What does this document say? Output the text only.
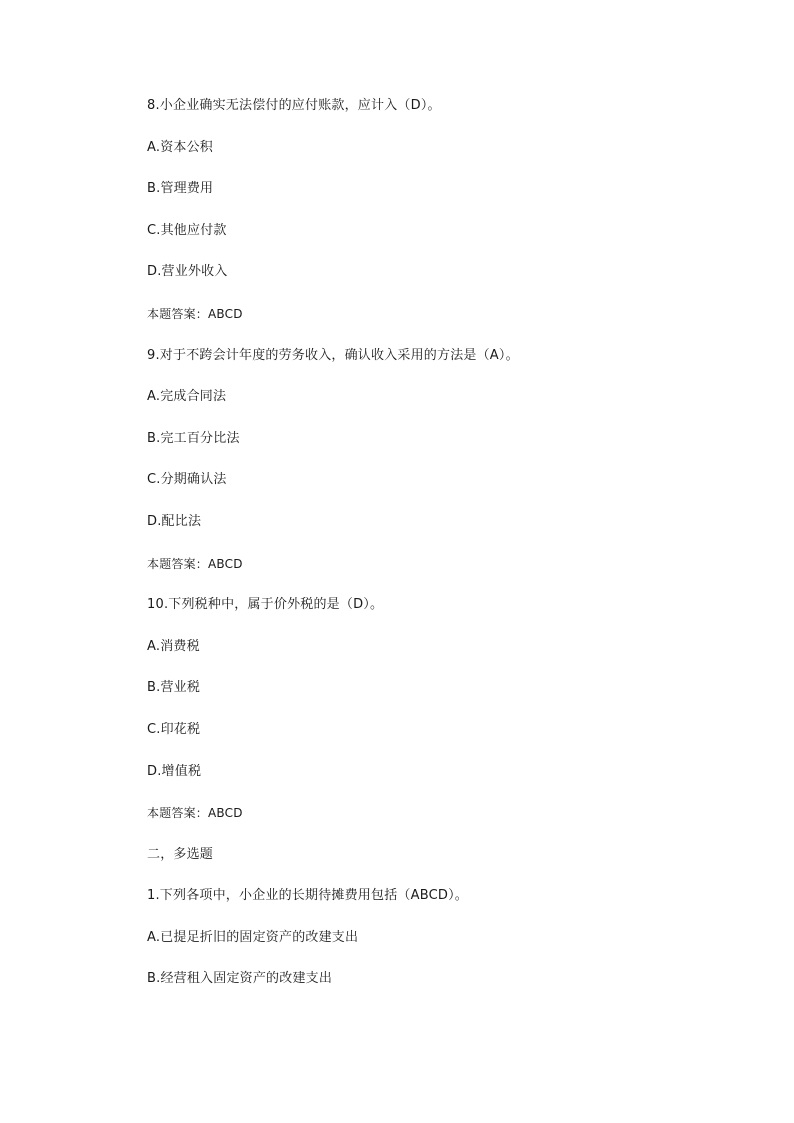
8.小企业确实无法偿付的应付账款，应计入（D）。
A.资本公积
B.管理费用
C.其他应付款
D.营业外收入
本题答案：ABCD
9.对于不跨会计年度的劳务收入，确认收入采用的方法是（A）。
A.完成合同法
B.完工百分比法
C.分期确认法
D.配比法
本题答案：ABCD
10.下列税种中，属于价外税的是（D）。
A.消费税
B.营业税
C.印花税
D.增值税
本题答案：ABCD
二，多选题
1.下列各项中，小企业的长期待摊费用包括（ABCD）。
A.已提足折旧的固定资产的改建支出
B.经营租入固定资产的改建支出
